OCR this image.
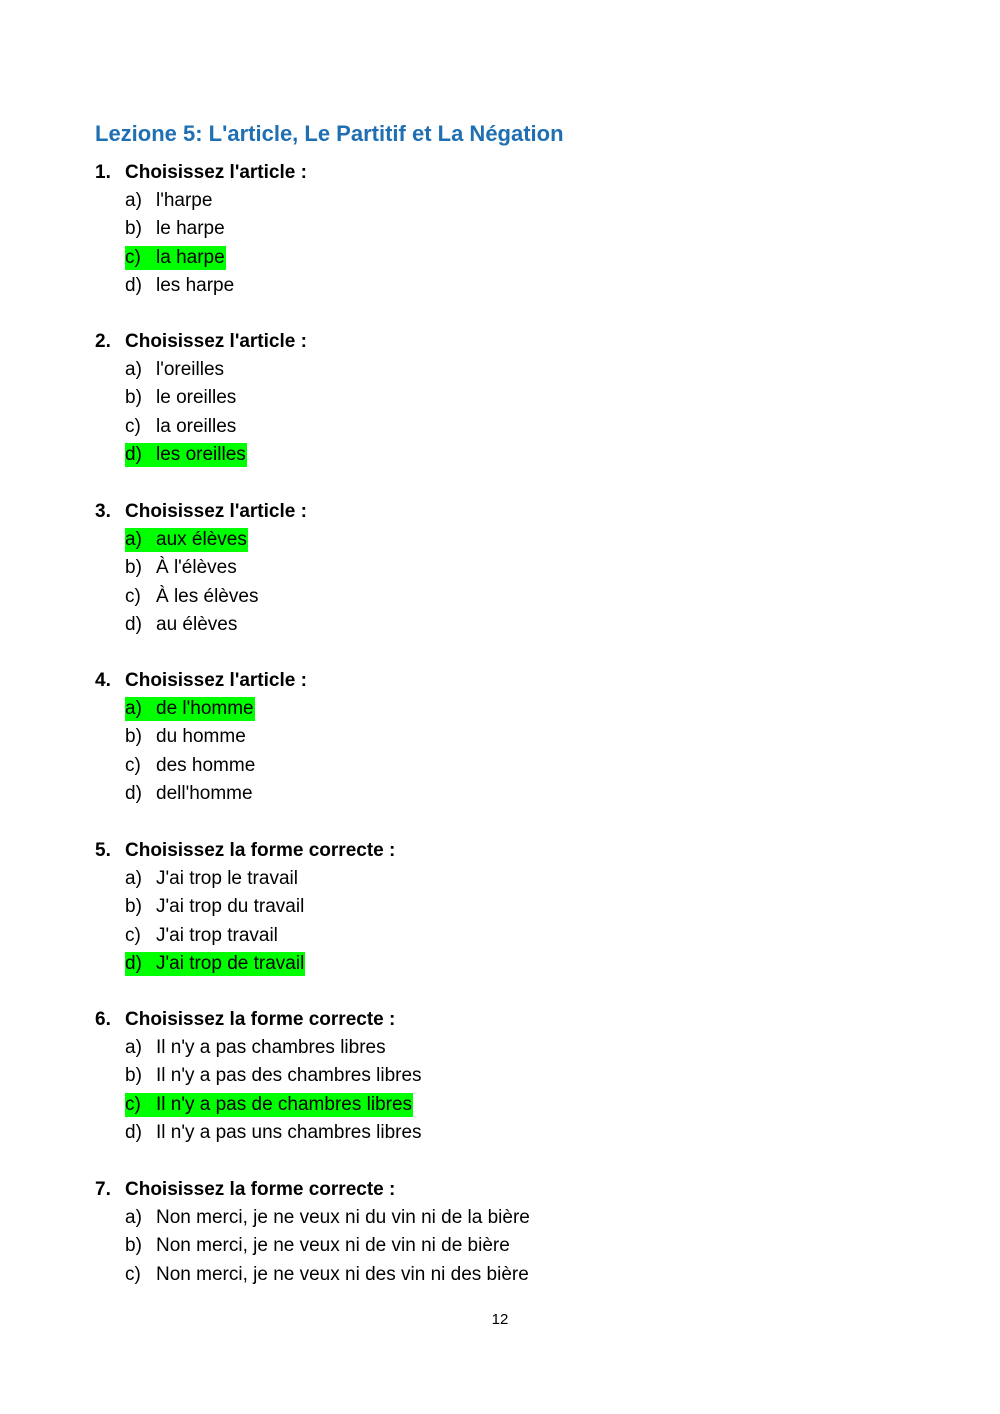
Lezione 5: L'article, Le Partitif et La Négation
1. Choisissez l'article :
a) l'harpe
b) le harpe
c) la harpe
d) les harpe
2. Choisissez l'article :
a) l'oreilles
b) le oreilles
c) la oreilles
d) les oreilles
3. Choisissez l'article :
a) aux élèves
b) À l'élèves
c) À les élèves
d) au élèves
4. Choisissez l'article :
a) de l'homme
b) du homme
c) des homme
d) dell'homme
5. Choisissez la forme correcte :
a) J'ai trop le travail
b) J'ai trop du travail
c) J'ai trop travail
d) J'ai trop de travail
6. Choisissez la forme correcte :
a) Il n'y a pas chambres libres
b) Il n'y a pas des chambres libres
c) Il n'y a pas de chambres libres
d) Il n'y a pas uns chambres libres
7. Choisissez la forme correcte :
a) Non merci, je ne veux ni du vin ni de la bière
b) Non merci, je ne veux ni de vin ni de bière
c) Non merci, je ne veux ni des vin ni des bière
12
